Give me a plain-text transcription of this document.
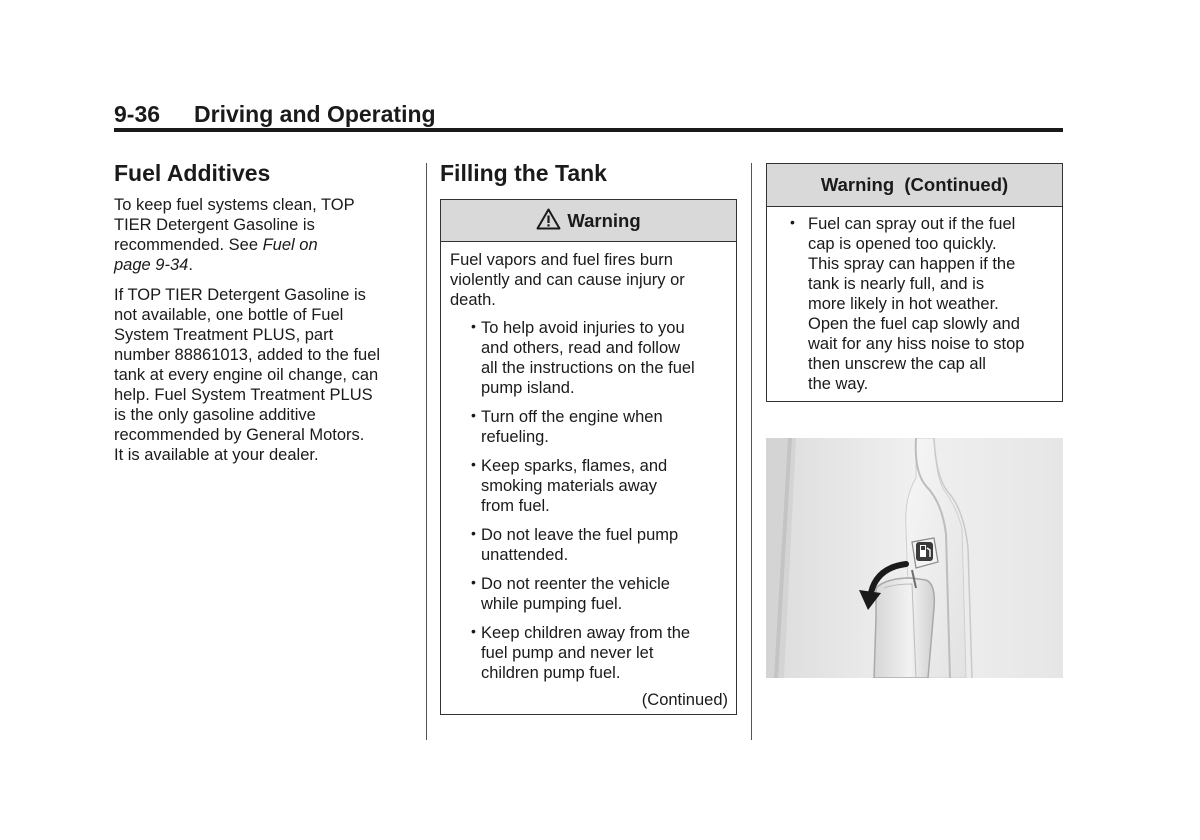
9-36 Driving and Operating
Fuel Additives

To keep fuel systems clean, TOP
TIER Detergent Gasoline is
recommended. See Fuel on
page 9-34.

If TOP TIER Detergent Gasoline is
not available, one bottle of Fuel
System Treatment PLUS, part
number 88861013, added to the fuel
tank at every engine oil change, can
help. Fuel System Treatment PLUS
is the only gasoline additive
recommended by General Motors.
It is available at your dealer.

Filling the Tank
Warning

Fuel vapors and fuel fires burn
violently and can cause injury or
death.

• To help avoid injuries to you
and others, read and follow
all the instructions on the fuel
pump island.
• Turn off the engine when
refueling.
• Keep sparks, flames, and
smoking materials away
from fuel.
• Do not leave the fuel pump
unattended.
• Do not reenter the vehicle
while pumping fuel.
• Keep children away from the
fuel pump and never let
children pump fuel.
(Continued)
Warning  (Continued)
• Fuel can spray out if the fuel
cap is opened too quickly.
This spray can happen if the
tank is nearly full, and is
more likely in hot weather.
Open the fuel cap slowly and
wait for any hiss noise to stop
then unscrew the cap all
the way.
